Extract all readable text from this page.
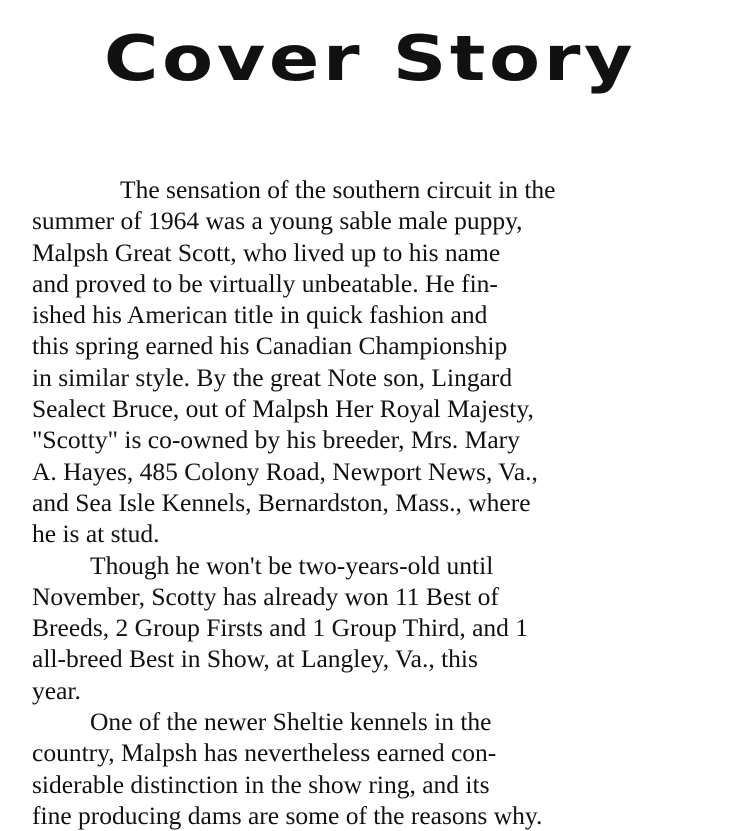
Cover Story
The sensation of the southern circuit in the
summer of 1964 was a young sable male puppy,
Malpsh Great Scott, who lived up to his name
and proved to be virtually unbeatable. He fin-
ished his American title in quick fashion and
this spring earned his Canadian Championship
in similar style. By the great Note son, Lingard
Sealect Bruce, out of Malpsh Her Royal Majesty,
"Scotty" is co-owned by his breeder, Mrs. Mary
A. Hayes, 485 Colony Road, Newport News, Va.,
and Sea Isle Kennels, Bernardston, Mass., where
he is at stud.
Though he won't be two-years-old until
November, Scotty has already won 11 Best of
Breeds, 2 Group Firsts and 1 Group Third, and 1
all-breed Best in Show, at Langley, Va., this
year.
One of the newer Sheltie kennels in the
country, Malpsh has nevertheless earned con-
siderable distinction in the show ring, and its
fine producing dams are some of the reasons why.
